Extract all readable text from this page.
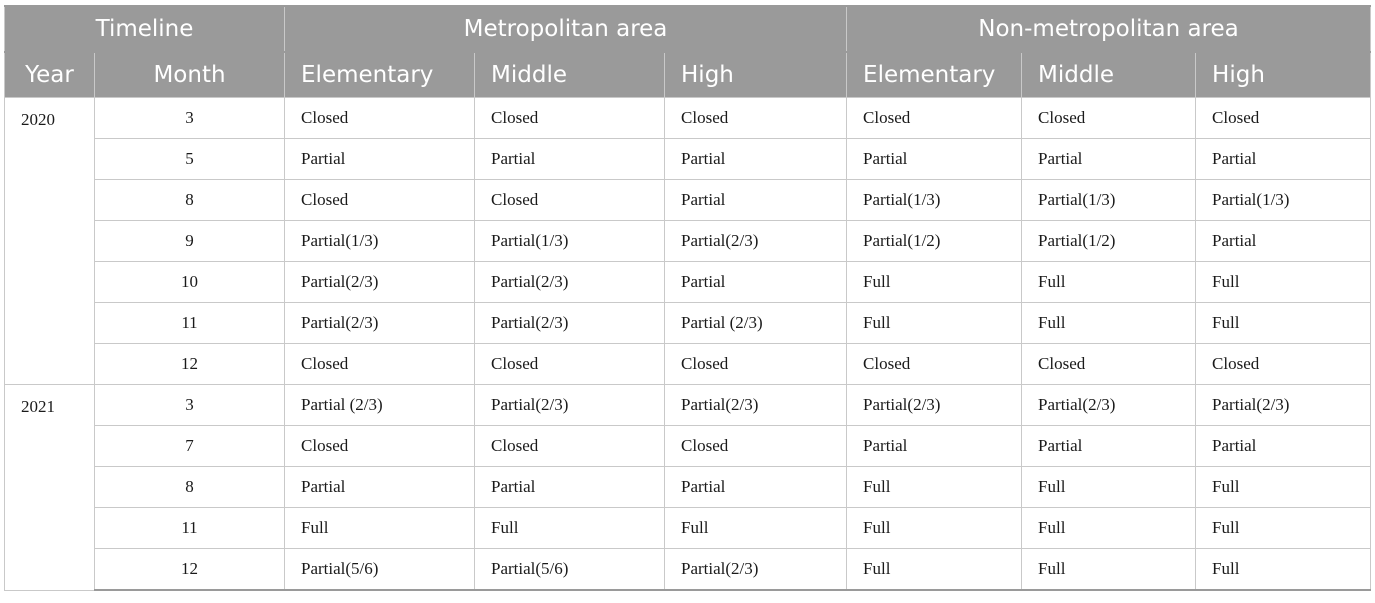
Timeline		Metropolitan area			Non-metropolitan area		
Year	Month	Elementary	Middle	High	Elementary	Middle	High
2020	3	Closed	Closed	Closed	Closed	Closed	Closed
	5	Partial	Partial	Partial	Partial	Partial	Partial
	8	Closed	Closed	Partial	Partial(1/3)	Partial(1/3)	Partial(1/3)
	9	Partial(1/3)	Partial(1/3)	Partial(2/3)	Partial(1/2)	Partial(1/2)	Partial
	10	Partial(2/3)	Partial(2/3)	Partial	Full	Full	Full
	11	Partial(2/3)	Partial(2/3)	Partial (2/3)	Full	Full	Full
	12	Closed	Closed	Closed	Closed	Closed	Closed
2021	3	Partial (2/3)	Partial(2/3)	Partial(2/3)	Partial(2/3)	Partial(2/3)	Partial(2/3)
	7	Closed	Closed	Closed	Partial	Partial	Partial
	8	Partial	Partial	Partial	Full	Full	Full
	11	Full	Full	Full	Full	Full	Full
	12	Partial(5/6)	Partial(5/6)	Partial(2/3)	Full	Full	Full
